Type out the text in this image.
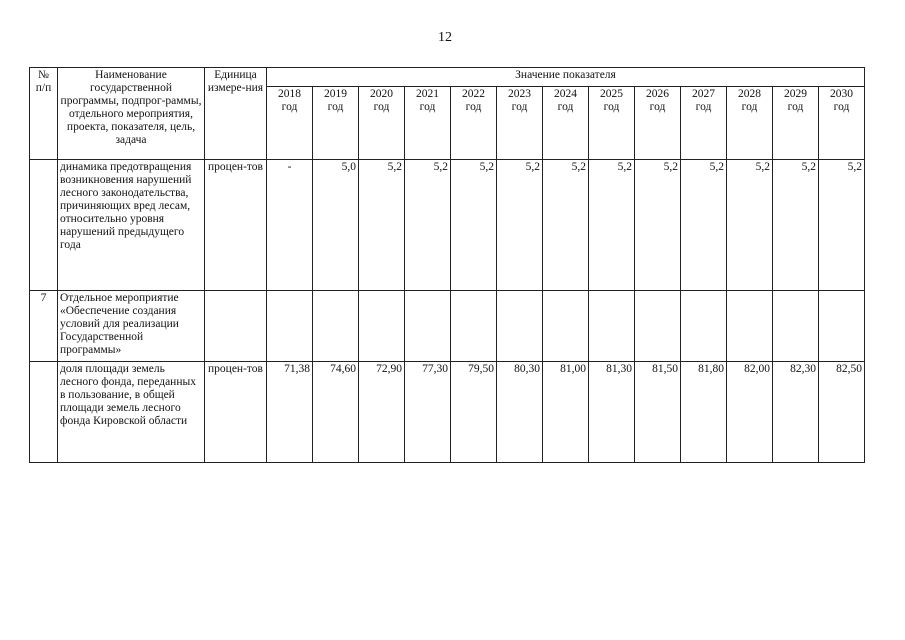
12
№ п/п	Наименование государственной программы, подпрог-раммы, отдельного мероприятия, проекта, показателя, цель, задача	Единица измере-ния	Значение показателя												
			2018 год	2019 год	2020 год	2021 год	2022 год	2023 год	2024 год	2025 год	2026 год	2027 год	2028 год	2029 год	2030 год
	динамика предотвращения возникновения нарушений лесного законодательства, причиняющих вред лесам, относительно уровня нарушений предыдущего года	процен-тов	-	5,0	5,2	5,2	5,2	5,2	5,2	5,2	5,2	5,2	5,2	5,2	5,2
7	Отдельное мероприятие «Обеспечение создания условий для реализации Государственной программы»														
	доля площади земель лесного фонда, переданных в пользование, в общей площади земель лесного фонда Кировской области	процен-тов	71,38	74,60	72,90	77,30	79,50	80,30	81,00	81,30	81,50	81,80	82,00	82,30	82,50
